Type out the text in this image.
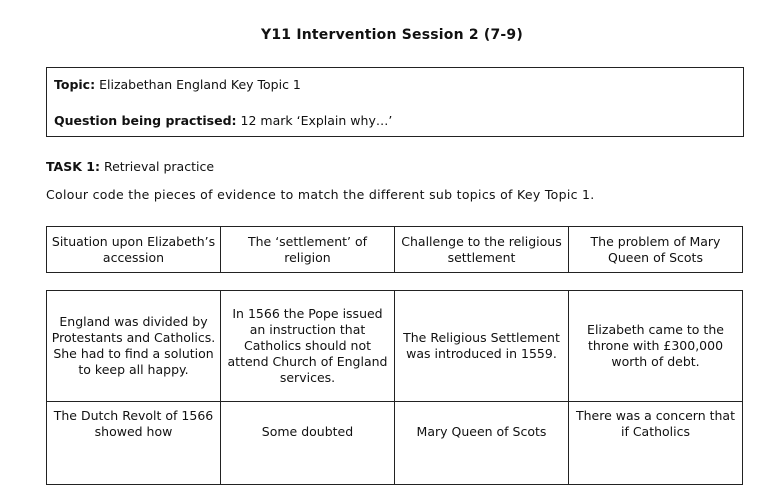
Y11 Intervention Session 2 (7-9)
Topic: Elizabethan England Key Topic 1
Question being practised: 12 mark ‘Explain why…’
TASK 1: Retrieval practice
Colour code the pieces of evidence to match the different sub topics of Key Topic 1.
Situation upon Elizabeth’s accession	The ‘settlement’ of religion	Challenge to the religious settlement	The problem of Mary Queen of Scots
England was divided by Protestants and Catholics. She had to find a solution to keep all happy.	In 1566 the Pope issued an instruction that Catholics should not attend Church of England services.	The Religious Settlement was introduced in 1559.	Elizabeth came to the throne with £300,000 worth of debt.
The Dutch Revolt of 1566 showed how	Some doubted	Mary Queen of Scots	There was a concern that if Catholics
